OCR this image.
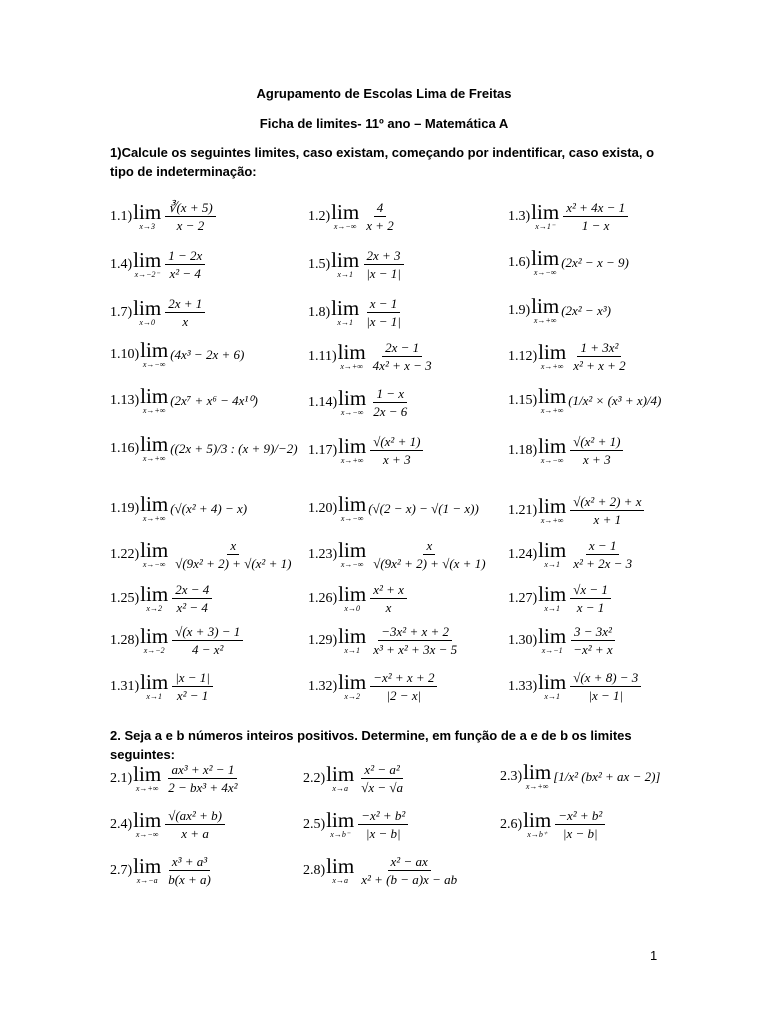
Agrupamento de Escolas Lima de Freitas
Ficha de limites- 11º ano – Matemática A
1)Calcule os seguintes limites, caso existam, começando por indentificar, caso exista, o tipo de indeterminação:
2. Seja a e b números inteiros positivos. Determine, em função de a e de b os limites seguintes:
1.1) lim
$x\to 3 \frac{∛(x + 5)}{x - 2}$	1.2) lim
$x\to-\infty \frac{4}{x + 2}$	1.3) lim
$x\to 1^- \frac{\text{x² + 4x − 1}}{1 - x}$
1.4) lim
$x\to-2^- \frac{1 - 2x}{\text{x² − 4}}$	1.5) lim
$x\to 1 \frac{2x + 3}{|x - 1|}$	1.6) lim
x→−∞
(2x² − x − 9)
1.7) lim
$x\to 0 \frac{2x + 1}{x}$	1.8) lim
$x\to 1 \frac{x - 1}{|x - 1|}$	1.9) lim
x→+∞
(2x² − x³)
1.10) lim
x→−∞
(4x³ − 2x + 6)	1.11) lim
$x\to+\infty \frac{2x - 1}{\text{4x² + x − 3}}$	1.12) lim
$x\to+\infty \frac{\text{1 + 3x²}}{\text{x² + x + 2}}$
1.13) lim
x→+∞
(2x⁷ + x⁶ − 4x¹⁰)	1.14) lim
$x\to-\infty \frac{1 - x}{2x - 6}$	1.15) lim
x→+∞
(1/x² × (x³ + x)/4)
1.16) lim
x→+∞
((2x + 5)/3 : (x + 9)/−2) 1.17) lim
$x\to+\infty \frac{\text{√(x² + 1)}}{x + 3}$	1.18) lim
$x\to-\infty \frac{\text{√(x² + 1)}}{x + 3}$
1.19) lim
x→+∞
(√(x² + 4) − x)	1.20) lim
x→−∞
(√(2 − x) − √(1 − x)) 1.21) lim
$x\to+\infty \frac{\text{√(x² + 2) + x}}{x + 1}$
1.22) lim
$x\to-\infty \frac{x}{\text{√(9x² + 2) + √(x² + 1)}} 1.23$) lim
$x\to-\infty \frac{x}{\text{√(9x² + 2) + √(x + 1)}} 1.24$) lim
$x\to 1 \frac{x - 1}{\text{x² + 2x − 3}}$
1.25) lim
$x\to 2 \frac{2x - 4}{\text{x² − 4}}$	1.26) lim
$x\to 0 \frac{\text{x² + x}}{x}$	1.27) lim
$x\to 1 \frac{√x - 1}{x - 1}$
1.28) lim
$x\to-2 \frac{√(x + 3) - 1}{\text{4 − x²}}$	1.29) lim
$x\to 1 \frac{\text{−3x² + x + 2}}{\text{x³ + x² + 3x − 5}}$	1.30) lim
$x\to-1 \frac{\text{3 − 3x²}}{\text{−x² + x}}$
1.31) lim
$x\to 1 \frac{|x - 1|}{\text{x² − 1}}$	1.32) lim
$x\to 2 \frac{\text{−x² + x + 2}}{|2 - x|}$	1.33) lim
$x\to 1 \frac{√(x + 8) - 3}{|x - 1|}$
2.1) lim
$x\to+\infty \frac{\text{ax³ + x² − 1}}{\text{2 − bx³ + 4x²}}$	2.2) lim
$x\to a \frac{\text{x² − a²}}{√x - √a}$	2.3) lim
x→+∞
[1/x² (bx² + ax − 2)]
2.4) lim
$x\to-\infty \frac{\text{√(ax² + b)}}{x + a}$	2.5) lim
$x\to b^- \frac{\text{−x² + b²}}{|x - b|}$	2.6) lim
$x\to b^+ \frac{\text{−x² + b²}}{|x - b|}$
2.7) lim
$x\to-a \frac{\text{x³ + a³}}{b(x + a)}$	2.8) lim
$x\to a \frac{\text{x² − ax}}{\text{x² + (b − a)x − ab}}$
1
